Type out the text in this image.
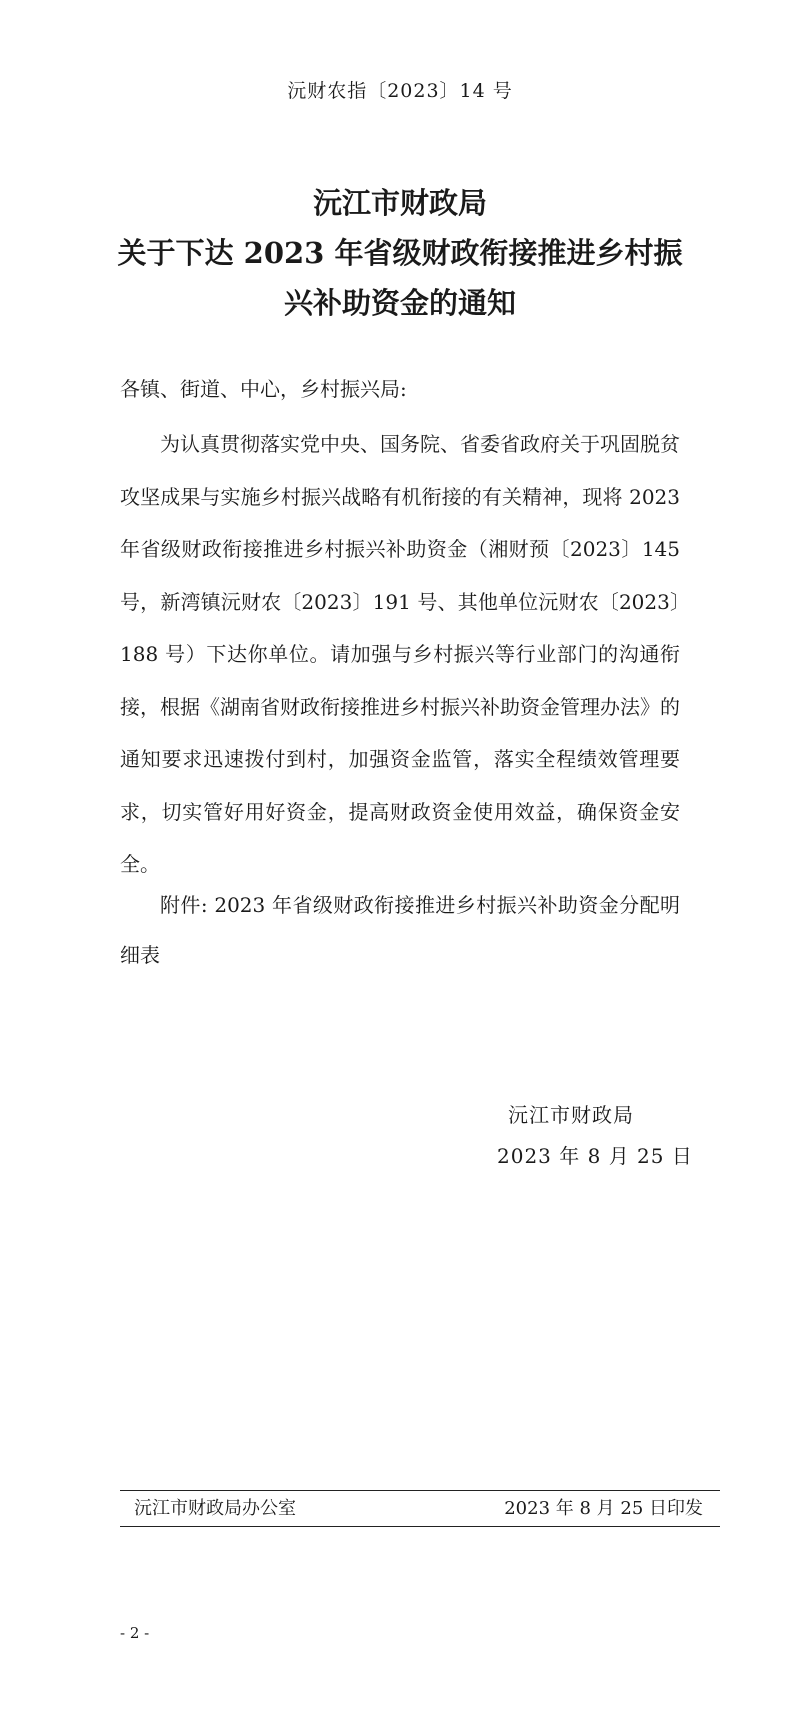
沅财农指〔2023〕14 号
沅江市财政局
关于下达 2023 年省级财政衔接推进乡村振
兴补助资金的通知
各镇、街道、中心，乡村振兴局:
为认真贯彻落实党中央、国务院、省委省政府关于巩固脱贫攻坚成果与实施乡村振兴战略有机衔接的有关精神，现将 2023 年省级财政衔接推进乡村振兴补助资金（湘财预〔2023〕145 号，新湾镇沅财农〔2023〕191 号、其他单位沅财农〔2023〕188 号）下达你单位。请加强与乡村振兴等行业部门的沟通衔接，根据《湖南省财政衔接推进乡村振兴补助资金管理办法》的通知要求迅速拨付到村，加强资金监管，落实全程绩效管理要求，切实管好用好资金，提高财政资金使用效益，确保资金安全。
附件: 2023 年省级财政衔接推进乡村振兴补助资金分配明细表
沅江市财政局
2023 年 8 月 25 日
沅江市财政局办公室	2023 年 8 月 25 日印发
- 2 -
